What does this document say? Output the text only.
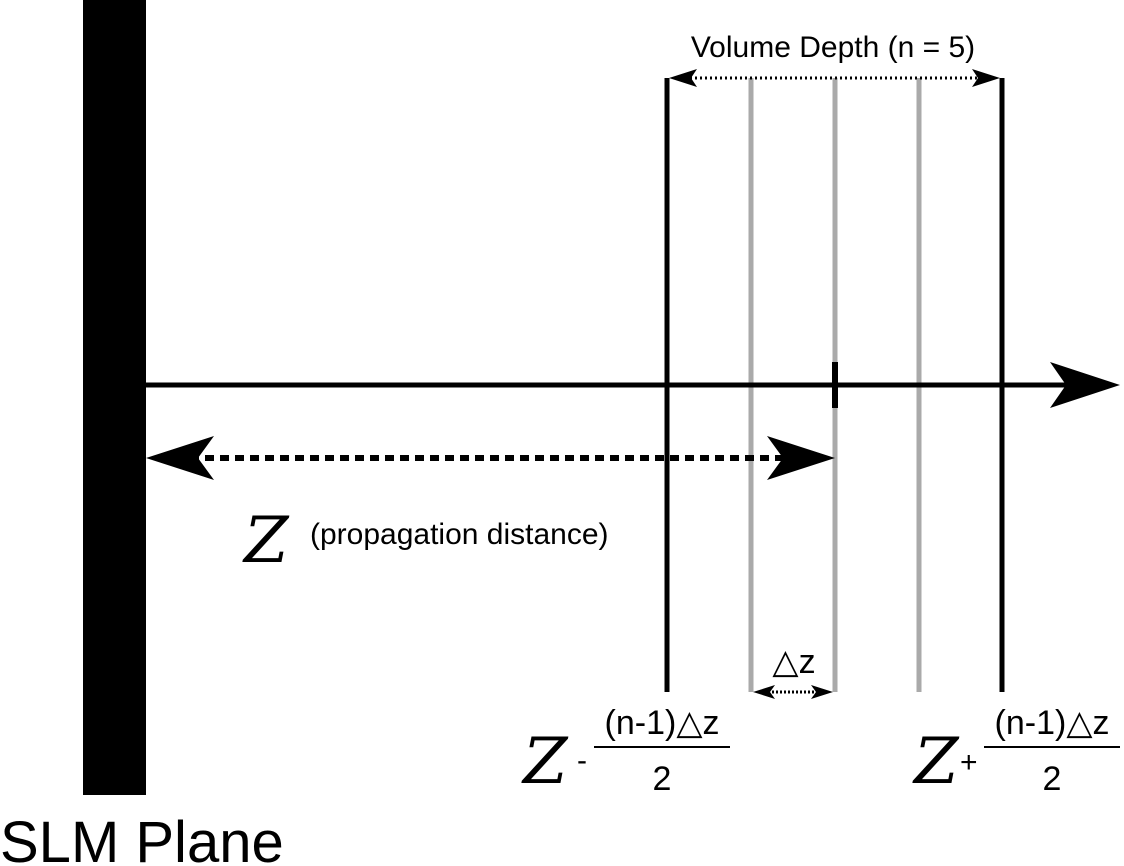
Volume Depth (n = 5)
Z (propagation distance)
△z
Z -
(n-1)△z
2	Z +
(n-1)△z
2
SLM Plane
